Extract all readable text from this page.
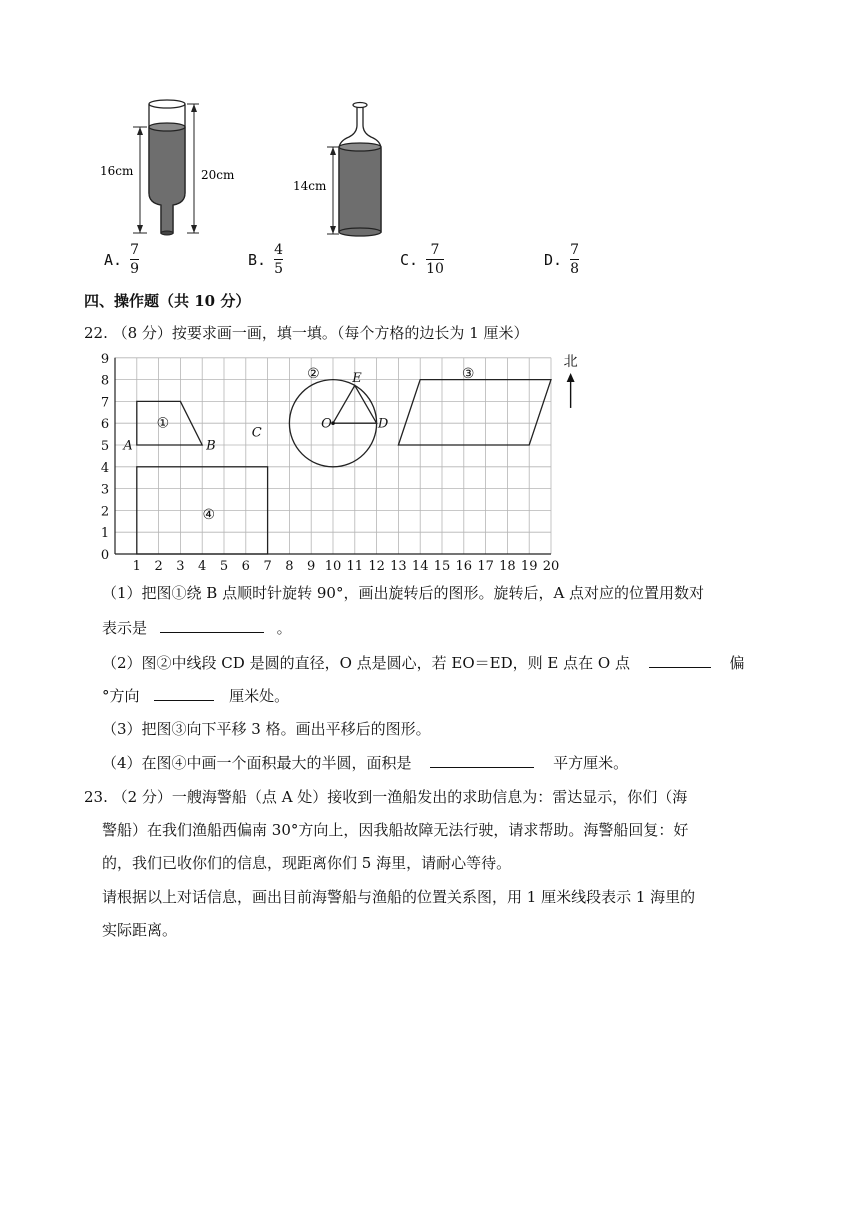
16cm	20cm
14cm
A. $\frac{7}{9}$	B. $\frac{4}{5}$	C. $\frac{7}{10}$	D. $\frac{7}{8}$
四、操作题（共 10 分）
22. （8 分）按要求画一画，填一填。（每个方格的边长为 1 厘米）
1 2 3 4 5 6 7 8 9 10 11 12 13 14 15 16 17 18 19 20
0
1
2
3
4
5
6
7
8
9
①
A	B
②	E
O	D
C
③
④
北
（1）把图①绕 B 点顺时针旋转 90°，画出旋转后的图形。旋转后，A 点对应的位置用数对
表示是	。
（2）图②中线段 CD 是圆的直径，O 点是圆心，若 EO＝ED，则 E 点在 O 点	偏
°方向	厘米处。
（3）把图③向下平移 3 格。画出平移后的图形。
（4）在图④中画一个面积最大的半圆，面积是	平方厘米。
23. （2 分）一艘海警船（点 A 处）接收到一渔船发出的求助信息为：雷达显示，你们（海
警船）在我们渔船西偏南 30°方向上，因我船故障无法行驶，请求帮助。海警船回复：好
的，我们已收你们的信息，现距离你们 5 海里，请耐心等待。
请根据以上对话信息，画出目前海警船与渔船的位置关系图，用 1 厘米线段表示 1 海里的
实际距离。
